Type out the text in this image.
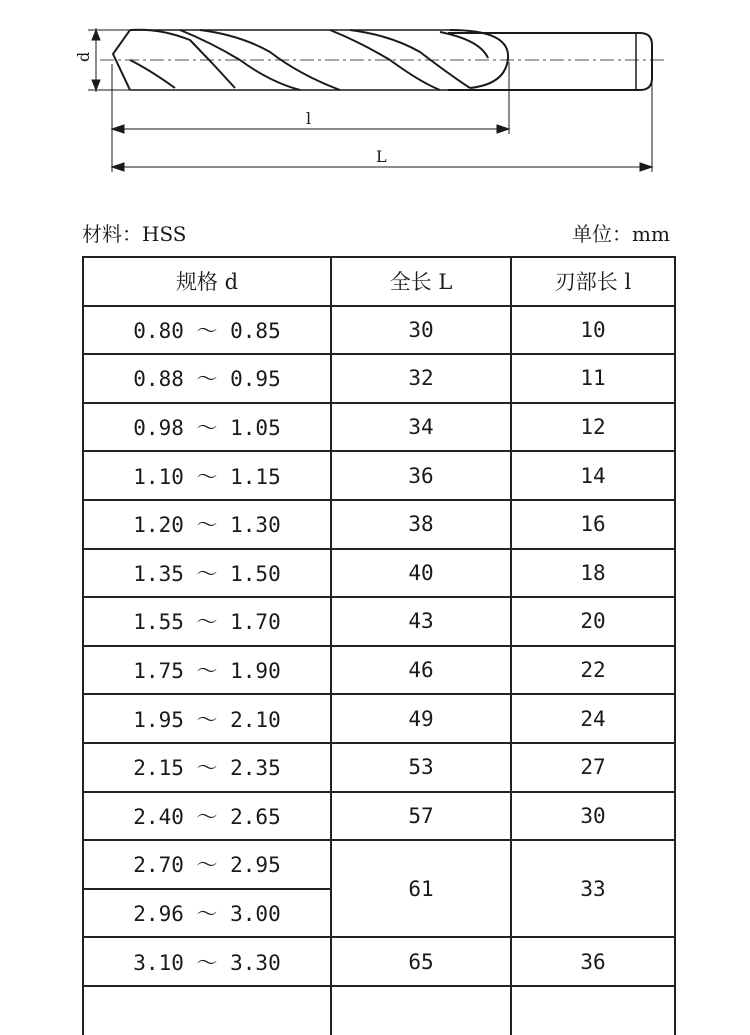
d
l
L
材料：HSS	单位：mm
规格 d	全长 L	刃部长 l
0.80 ～ 0.85	30	10
0.88 ～ 0.95	32	11
0.98 ～ 1.05	34	12
1.10 ～ 1.15	36	14
1.20 ～ 1.30	38	16
1.35 ～ 1.50	40	18
1.55 ～ 1.70	43	20
1.75 ～ 1.90	46	22
1.95 ～ 2.10	49	24
2.15 ～ 2.35	53	27
2.40 ～ 2.65	57	30
2.70 ～ 2.95	61	33
2.96 ～ 3.00		
3.10 ～ 3.30	65	36
